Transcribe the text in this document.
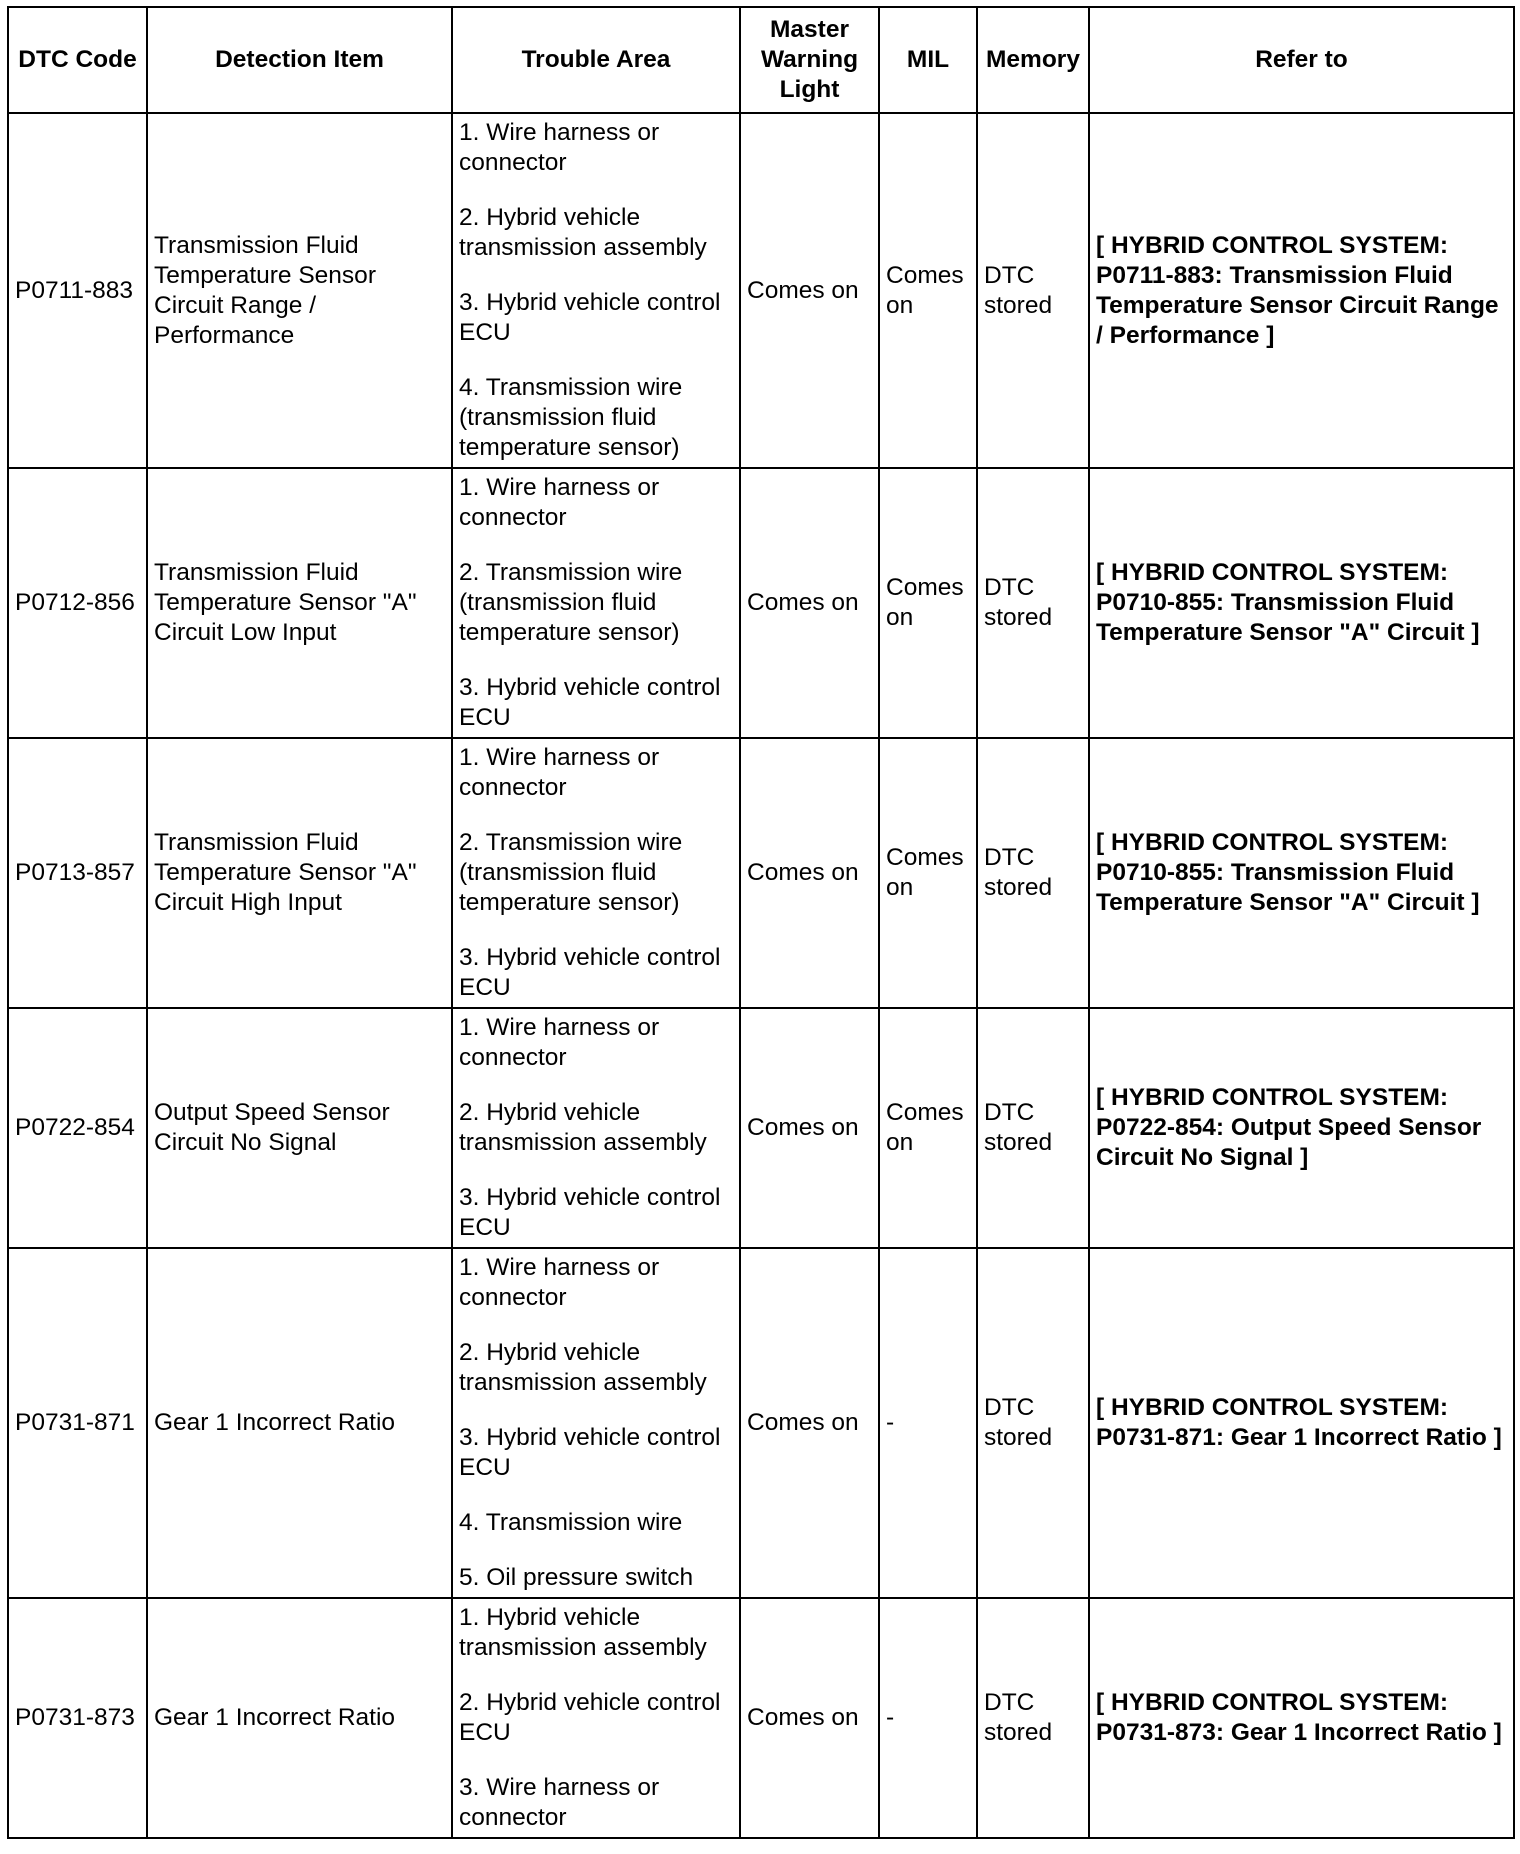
DTC Code	Detection Item	Trouble Area	Master Warning Light	MIL	Memory	Refer to
P0711-883	Transmission Fluid Temperature Sensor Circuit Range / Performance	1. Wire harness or connector
2. Hybrid vehicle transmission assembly
3. Hybrid vehicle control ECU
4. Transmission wire (transmission fluid temperature sensor)	Comes on	Comes on	DTC stored	[ HYBRID CONTROL SYSTEM: P0711-883: Transmission Fluid Temperature Sensor Circuit Range / Performance ]
P0712-856	Transmission Fluid Temperature Sensor "A" Circuit Low Input	1. Wire harness or connector
2. Transmission wire (transmission fluid temperature sensor)
3. Hybrid vehicle control ECU	Comes on	Comes on	DTC stored	[ HYBRID CONTROL SYSTEM: P0710-855: Transmission Fluid Temperature Sensor "A" Circuit ]
P0713-857	Transmission Fluid Temperature Sensor "A" Circuit High Input	1. Wire harness or connector
2. Transmission wire (transmission fluid temperature sensor)
3. Hybrid vehicle control ECU	Comes on	Comes on	DTC stored	[ HYBRID CONTROL SYSTEM: P0710-855: Transmission Fluid Temperature Sensor "A" Circuit ]
P0722-854	Output Speed Sensor Circuit No Signal	1. Wire harness or connector
2. Hybrid vehicle transmission assembly
3. Hybrid vehicle control ECU	Comes on	Comes on	DTC stored	[ HYBRID CONTROL SYSTEM: P0722-854: Output Speed Sensor Circuit No Signal ]
P0731-871	Gear 1 Incorrect Ratio	1. Wire harness or connector
2. Hybrid vehicle transmission assembly
3. Hybrid vehicle control ECU
4. Transmission wire
5. Oil pressure switch	Comes on	-	DTC stored	[ HYBRID CONTROL SYSTEM: P0731-871: Gear 1 Incorrect Ratio ]
P0731-873	Gear 1 Incorrect Ratio	1. Hybrid vehicle transmission assembly
2. Hybrid vehicle control ECU
3. Wire harness or connector	Comes on	-	DTC stored	[ HYBRID CONTROL SYSTEM: P0731-873: Gear 1 Incorrect Ratio ]
